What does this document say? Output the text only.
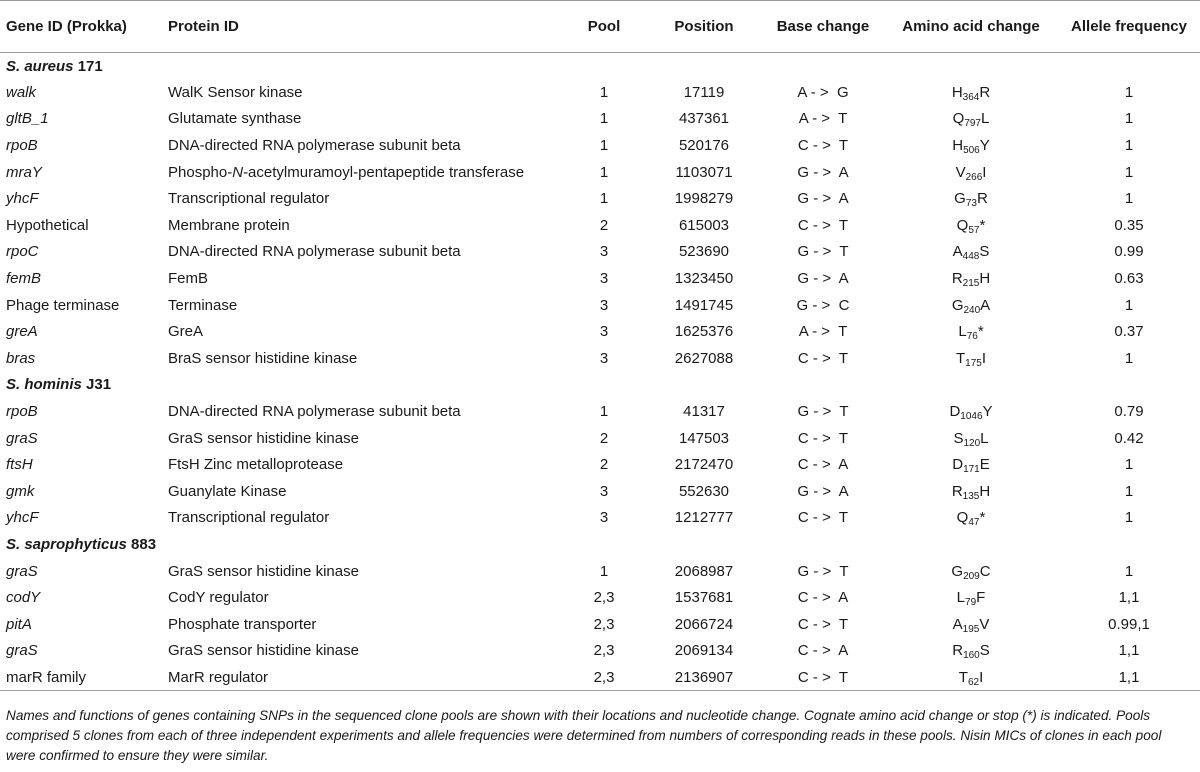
Gene ID (Prokka)	Protein ID	Pool	Position	Base change	Amino acid change	Allele frequency
S. aureus 171						
walk	WalK Sensor kinase	1	17119	A - >  G	$H_{364}R$	1
gltB_1	Glutamate synthase	1	437361	A - >  T	$Q_{797}L$	1
rpoB	DNA-directed RNA polymerase subunit beta	1	520176	C - >  T	$H_{506}Y$	1
mraY	Phospho-N-acetylmuramoyl-pentapeptide transferase	1	1103071	G - >  A	$V_{266}I$	1
yhcF	Transcriptional regulator	1	1998279	G - >  A	$G_{73}R$	1
Hypothetical	Membrane protein	2	615003	C - >  T	$Q_{57}*$	0.35
rpoC	DNA-directed RNA polymerase subunit beta	3	523690	G - >  T	$A_{448}S$	0.99
femB	FemB	3	1323450	G - >  A	$R_{215}H$	0.63
Phage terminase	Terminase	3	1491745	G - >  C	$G_{240}A$	1
greA	GreA	3	1625376	A - >  T	$L_{76}*$	0.37
bras	BraS sensor histidine kinase	3	2627088	C - >  T	$T_{175}I$	1
S. hominis J31						
rpoB	DNA-directed RNA polymerase subunit beta	1	41317	G - >  T	$D_{1046}Y$	0.79
graS	GraS sensor histidine kinase	2	147503	C - >  T	$S_{120}L$	0.42
ftsH	FtsH Zinc metalloprotease	2	2172470	C - >  A	$D_{171}E$	1
gmk	Guanylate Kinase	3	552630	G - >  A	$R_{135}H$	1
yhcF	Transcriptional regulator	3	1212777	C - >  T	$Q_{47}*$	1
S. saprophyticus 883						
graS	GraS sensor histidine kinase	1	2068987	G - >  T	$G_{209}C$	1
codY	CodY regulator	2,3	1537681	C - >  A	$L_{79}F$	1,1
pitA	Phosphate transporter	2,3	2066724	C - >  T	$A_{195}V$	0.99,1
graS	GraS sensor histidine kinase	2,3	2069134	C - >  A	$R_{160}S$	1,1
marR family	MarR regulator	2,3	2136907	C - >  T	$T_{62}I$	1,1
Names and functions of genes containing SNPs in the sequenced clone pools are shown with their locations and nucleotide change. Cognate amino acid change or stop (*) is indicated. Pools comprised 5 clones from each of three independent experiments and allele frequencies were determined from numbers of corresponding reads in these pools. Nisin MICs of clones in each pool were confirmed to ensure they were similar.
